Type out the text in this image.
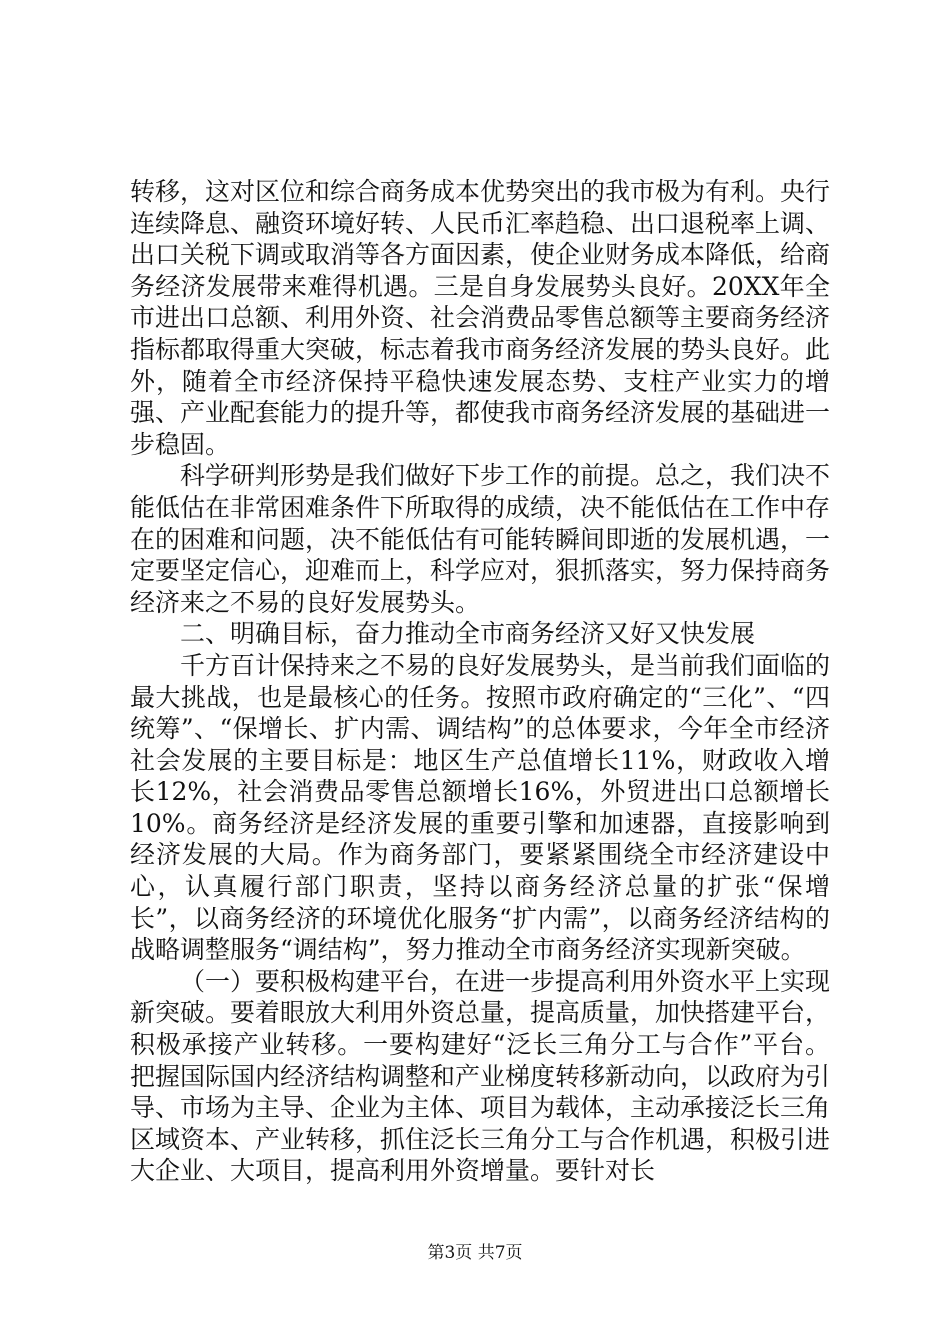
转移，这对区位和综合商务成本优势突出的我市极为有利。央行连续降息、融资环境好转、人民币汇率趋稳、出口退税率上调、出口关税下调或取消等各方面因素，使企业财务成本降低，给商务经济发展带来难得机遇。三是自身发展势头良好。20XX年全市进出口总额、利用外资、社会消费品零售总额等主要商务经济指标都取得重大突破，标志着我市商务经济发展的势头良好。此外，随着全市经济保持平稳快速发展态势、支柱产业实力的增强、产业配套能力的提升等，都使我市商务经济发展的基础进一步稳固。

科学研判形势是我们做好下步工作的前提。总之，我们决不能低估在非常困难条件下所取得的成绩，决不能低估在工作中存在的困难和问题，决不能低估有可能转瞬间即逝的发展机遇，一定要坚定信心，迎难而上，科学应对，狠抓落实，努力保持商务经济来之不易的良好发展势头。

二、明确目标，奋力推动全市商务经济又好又快发展

千方百计保持来之不易的良好发展势头，是当前我们面临的最大挑战，也是最核心的任务。按照市政府确定的“三化”、“四统筹”、“保增长、扩内需、调结构”的总体要求，今年全市经济社会发展的主要目标是：地区生产总值增长11%，财政收入增长12%，社会消费品零售总额增长16%，外贸进出口总额增长10%。商务经济是经济发展的重要引擎和加速器，直接影响到经济发展的大局。作为商务部门，要紧紧围绕全市经济建设中心，认真履行部门职责，坚持以商务经济总量的扩张“保增长”，以商务经济的环境优化服务“扩内需”，以商务经济结构的战略调整服务“调结构”，努力推动全市商务经济实现新突破。

（一）要积极构建平台，在进一步提高利用外资水平上实现新突破。要着眼放大利用外资总量，提高质量，加快搭建平台，积极承接产业转移。一要构建好“泛长三角分工与合作”平台。把握国际国内经济结构调整和产业梯度转移新动向，以政府为引导、市场为主导、企业为主体、项目为载体，主动承接泛长三角区域资本、产业转移，抓住泛长三角分工与合作机遇，积极引进大企业、大项目，提高利用外资增量。要针对长

第3页 共7页
